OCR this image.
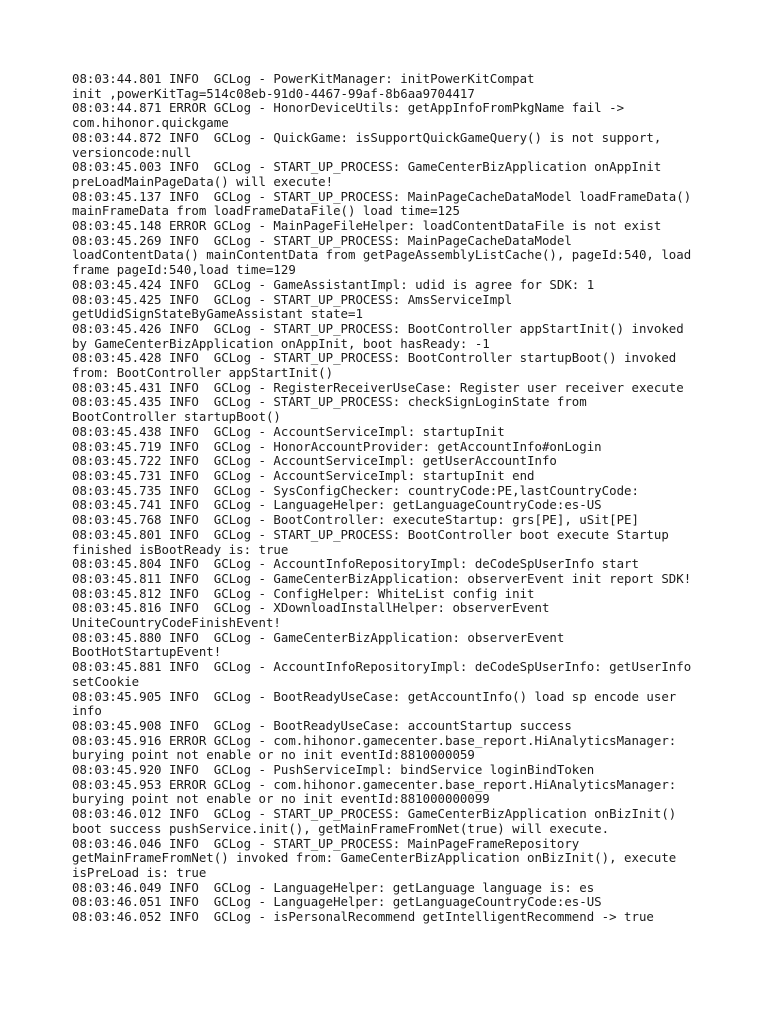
08:03:44.801 INFO  GCLog - PowerKitManager: initPowerKitCompat
init ,powerKitTag=514c08eb-91d0-4467-99af-8b6aa9704417
08:03:44.871 ERROR GCLog - HonorDeviceUtils: getAppInfoFromPkgName fail ->
com.hihonor.quickgame
08:03:44.872 INFO  GCLog - QuickGame: isSupportQuickGameQuery() is not support,
versioncode:null
08:03:45.003 INFO  GCLog - START_UP_PROCESS: GameCenterBizApplication onAppInit
preLoadMainPageData() will execute!
08:03:45.137 INFO  GCLog - START_UP_PROCESS: MainPageCacheDataModel loadFrameData()
mainFrameData from loadFrameDataFile() load time=125
08:03:45.148 ERROR GCLog - MainPageFileHelper: loadContentDataFile is not exist
08:03:45.269 INFO  GCLog - START_UP_PROCESS: MainPageCacheDataModel
loadContentData() mainContentData from getPageAssemblyListCache(), pageId:540, load
frame pageId:540,load time=129
08:03:45.424 INFO  GCLog - GameAssistantImpl: udid is agree for SDK: 1
08:03:45.425 INFO  GCLog - START_UP_PROCESS: AmsServiceImpl
getUdidSignStateByGameAssistant state=1
08:03:45.426 INFO  GCLog - START_UP_PROCESS: BootController appStartInit() invoked
by GameCenterBizApplication onAppInit, boot hasReady: -1
08:03:45.428 INFO  GCLog - START_UP_PROCESS: BootController startupBoot() invoked
from: BootController appStartInit()
08:03:45.431 INFO  GCLog - RegisterReceiverUseCase: Register user receiver execute
08:03:45.435 INFO  GCLog - START_UP_PROCESS: checkSignLoginState from
BootController startupBoot()
08:03:45.438 INFO  GCLog - AccountServiceImpl: startupInit
08:03:45.719 INFO  GCLog - HonorAccountProvider: getAccountInfo#onLogin
08:03:45.722 INFO  GCLog - AccountServiceImpl: getUserAccountInfo
08:03:45.731 INFO  GCLog - AccountServiceImpl: startupInit end
08:03:45.735 INFO  GCLog - SysConfigChecker: countryCode:PE,lastCountryCode:
08:03:45.741 INFO  GCLog - LanguageHelper: getLanguageCountryCode:es-US
08:03:45.768 INFO  GCLog - BootController: executeStartup: grs[PE], uSit[PE]
08:03:45.801 INFO  GCLog - START_UP_PROCESS: BootController boot execute Startup
finished isBootReady is: true
08:03:45.804 INFO  GCLog - AccountInfoRepositoryImpl: deCodeSpUserInfo start
08:03:45.811 INFO  GCLog - GameCenterBizApplication: observerEvent init report SDK!
08:03:45.812 INFO  GCLog - ConfigHelper: WhiteList config init
08:03:45.816 INFO  GCLog - XDownloadInstallHelper: observerEvent
UniteCountryCodeFinishEvent!
08:03:45.880 INFO  GCLog - GameCenterBizApplication: observerEvent
BootHotStartupEvent!
08:03:45.881 INFO  GCLog - AccountInfoRepositoryImpl: deCodeSpUserInfo: getUserInfo
setCookie
08:03:45.905 INFO  GCLog - BootReadyUseCase: getAccountInfo() load sp encode user
info
08:03:45.908 INFO  GCLog - BootReadyUseCase: accountStartup success
08:03:45.916 ERROR GCLog - com.hihonor.gamecenter.base_report.HiAnalyticsManager:
burying point not enable or no init eventId:8810000059
08:03:45.920 INFO  GCLog - PushServiceImpl: bindService loginBindToken
08:03:45.953 ERROR GCLog - com.hihonor.gamecenter.base_report.HiAnalyticsManager:
burying point not enable or no init eventId:881000000099
08:03:46.012 INFO  GCLog - START_UP_PROCESS: GameCenterBizApplication onBizInit()
boot success pushService.init(), getMainFrameFromNet(true) will execute.
08:03:46.046 INFO  GCLog - START_UP_PROCESS: MainPageFrameRepository
getMainFrameFromNet() invoked from: GameCenterBizApplication onBizInit(), execute
isPreLoad is: true
08:03:46.049 INFO  GCLog - LanguageHelper: getLanguage language is: es
08:03:46.051 INFO  GCLog - LanguageHelper: getLanguageCountryCode:es-US
08:03:46.052 INFO  GCLog - isPersonalRecommend getIntelligentRecommend -> true
